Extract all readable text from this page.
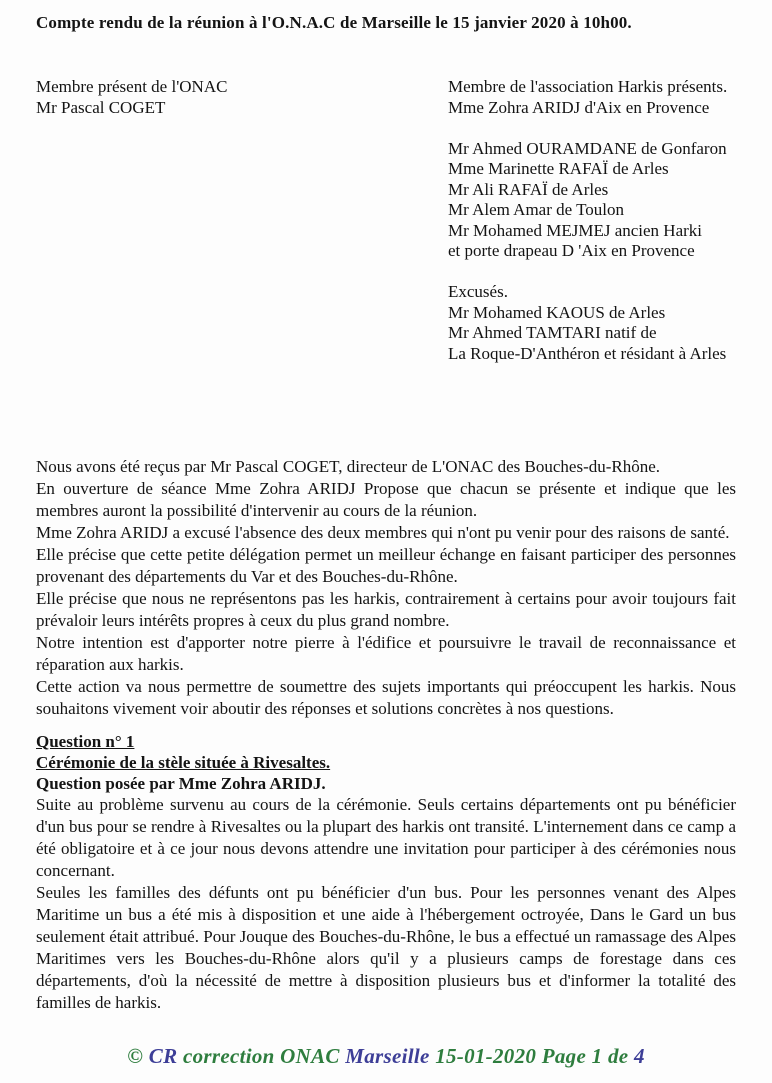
Compte rendu de la réunion à l'O.N.A.C de Marseille le 15 janvier 2020 à 10h00.
Membre présent de l'ONAC
Mr Pascal COGET
Membre de l'association Harkis présents.
Mme Zohra ARIDJ d'Aix en Provence
Mr Ahmed OURAMDANE de Gonfaron
Mme Marinette RAFAÏ de Arles
Mr Ali RAFAÏ de Arles
Mr Alem Amar de Toulon
Mr Mohamed MEJMEJ ancien Harki
et porte drapeau D 'Aix en Provence
Excusés.
Mr Mohamed KAOUS de Arles
Mr Ahmed TAMTARI natif de
La Roque-D'Anthéron et résidant à Arles

Nous avons été reçus par Mr Pascal COGET, directeur de L'ONAC des Bouches-du-Rhône.

En ouverture de séance Mme Zohra ARIDJ Propose que chacun se présente et indique que les membres auront la possibilité d'intervenir au cours de la réunion.

Mme Zohra ARIDJ a excusé l'absence des deux membres qui n'ont pu venir pour des raisons de santé.

Elle précise que cette petite délégation permet un meilleur échange en faisant participer des personnes provenant des départements du Var et des Bouches-du-Rhône.

Elle précise que nous ne représentons pas les harkis, contrairement à certains pour avoir toujours fait prévaloir leurs intérêts propres à ceux du plus grand nombre.

Notre intention est d'apporter notre pierre à l'édifice et poursuivre le travail de reconnaissance et réparation aux harkis.

Cette action va nous permettre de soumettre des sujets importants qui préoccupent les harkis. Nous souhaitons vivement voir aboutir des réponses et solutions concrètes à nos questions.

Question n° 1
Cérémonie de la stèle située à Rivesaltes.
Question posée par Mme Zohra ARIDJ.

Suite au problème survenu au cours de la cérémonie. Seuls certains départements ont pu bénéficier d'un bus pour se rendre à Rivesaltes ou la plupart des harkis ont transité. L'internement dans ce camp a été obligatoire et à ce jour nous devons attendre une invitation pour participer à des cérémonies nous concernant.

Seules les familles des défunts ont pu bénéficier d'un bus. Pour les personnes venant des Alpes Maritime un bus a été mis à disposition et une aide à l'hébergement octroyée, Dans le Gard un bus seulement était attribué. Pour Jouque des Bouches-du-Rhône, le bus a effectué un ramassage des Alpes Maritimes vers les Bouches-du-Rhône alors qu'il y a plusieurs camps de forestage dans ces départements, d'où la nécessité de mettre à disposition plusieurs bus et d'informer la totalité des familles de harkis.

© CR correction ONAC Marseille 15-01-2020 Page 1 de 4
